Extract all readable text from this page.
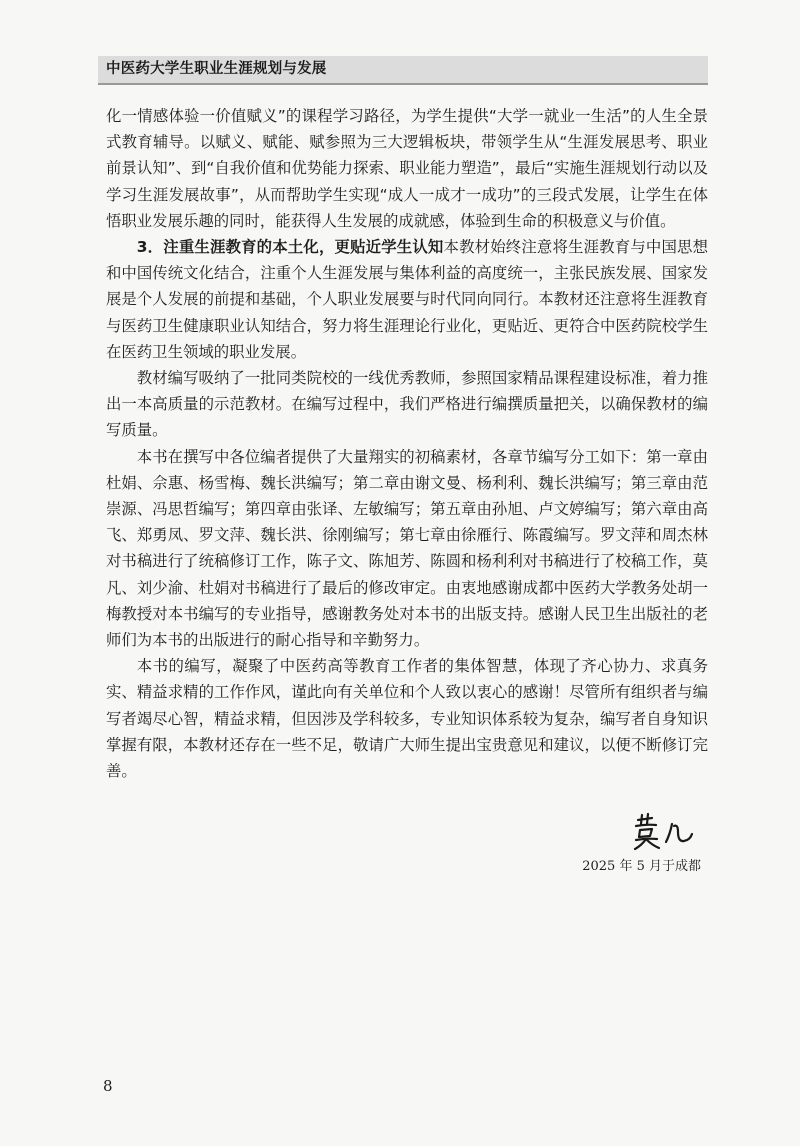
中医药大学生职业生涯规划与发展

化一情感体验一价值赋义”的课程学习路径，为学生提供“大学一就业一生活”的人生全景式教育辅导。以赋义、赋能、赋参照为三大逻辑板块，带领学生从“生涯发展思考、职业前景认知”、到“自我价值和优势能力探索、职业能力塑造”，最后“实施生涯规划行动以及学习生涯发展故事”，从而帮助学生实现“成人一成才一成功”的三段式发展，让学生在体悟职业发展乐趣的同时，能获得人生发展的成就感，体验到生命的积极意义与价值。

3．注重生涯教育的本土化，更贴近学生认知本教材始终注意将生涯教育与中国思想和中国传统文化结合，注重个人生涯发展与集体利益的高度统一，主张民族发展、国家发展是个人发展的前提和基础，个人职业发展要与时代同向同行。本教材还注意将生涯教育与医药卫生健康职业认知结合，努力将生涯理论行业化，更贴近、更符合中医药院校学生在医药卫生领域的职业发展。

教材编写吸纳了一批同类院校的一线优秀教师，参照国家精品课程建设标准，着力推出一本高质量的示范教材。在编写过程中，我们严格进行编撰质量把关，以确保教材的编写质量。

本书在撰写中各位编者提供了大量翔实的初稿素材，各章节编写分工如下：第一章由杜娟、佘惠、杨雪梅、魏长洪编写；第二章由谢文曼、杨利利、魏长洪编写；第三章由范崇源、冯思哲编写；第四章由张译、左敏编写；第五章由孙旭、卢文婷编写；第六章由高飞、郑勇凤、罗文萍、魏长洪、徐刚编写；第七章由徐雁行、陈霞编写。罗文萍和周杰林对书稿进行了统稿修订工作，陈子文、陈旭芳、陈圆和杨利利对书稿进行了校稿工作，莫凡、刘少渝、杜娟对书稿进行了最后的修改审定。由衷地感谢成都中医药大学教务处胡一梅教授对本书编写的专业指导，感谢教务处对本书的出版支持。感谢人民卫生出版社的老师们为本书的出版进行的耐心指导和辛勤努力。

本书的编写，凝聚了中医药高等教育工作者的集体智慧，体现了齐心协力、求真务实、精益求精的工作作风，谨此向有关单位和个人致以衷心的感谢！尽管所有组织者与编写者竭尽心智，精益求精，但因涉及学科较多，专业知识体系较为复杂，编写者自身知识掌握有限，本教材还存在一些不足，敬请广大师生提出宝贵意见和建议，以便不断修订完善。

2025 年 5 月于成都
8
